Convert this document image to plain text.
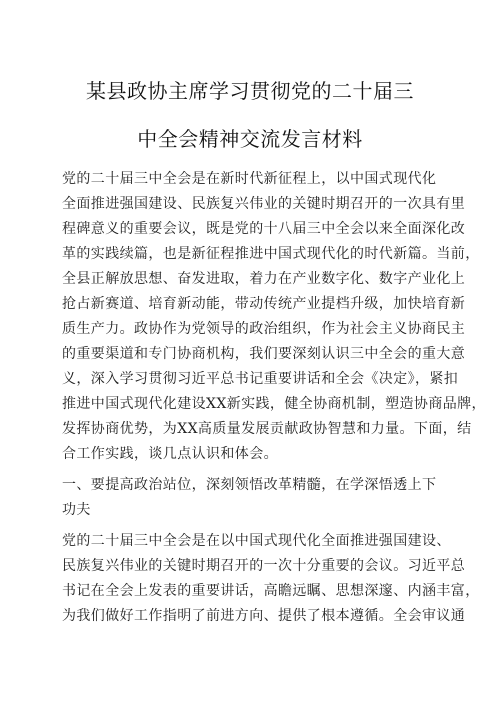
某县政协主席学习贯彻党的二十届三
中全会精神交流发言材料
党的二十届三中全会是在新时代新征程上，以中国式现代化
全面推进强国建设、民族复兴伟业的关键时期召开的一次具有里
程碑意义的重要会议，既是党的十八届三中全会以来全面深化改
革的实践续篇，也是新征程推进中国式现代化的时代新篇。当前，
全县正解放思想、奋发进取，着力在产业数字化、数字产业化上
抢占新赛道、培育新动能，带动传统产业提档升级，加快培育新
质生产力。政协作为党领导的政治组织，作为社会主义协商民主
的重要渠道和专门协商机构，我们要深刻认识三中全会的重大意
义，深入学习贯彻习近平总书记重要讲话和全会《决定》，紧扣
推进中国式现代化建设XX新实践，健全协商机制，塑造协商品牌，
发挥协商优势，为XX高质量发展贡献政协智慧和力量。下面，结
合工作实践，谈几点认识和体会。
一、要提高政治站位，深刻领悟改革精髓，在学深悟透上下
功夫
党的二十届三中全会是在以中国式现代化全面推进强国建设、
民族复兴伟业的关键时期召开的一次十分重要的会议。习近平总
书记在全会上发表的重要讲话，高瞻远瞩、思想深邃、内涵丰富，
为我们做好工作指明了前进方向、提供了根本遵循。全会审议通
